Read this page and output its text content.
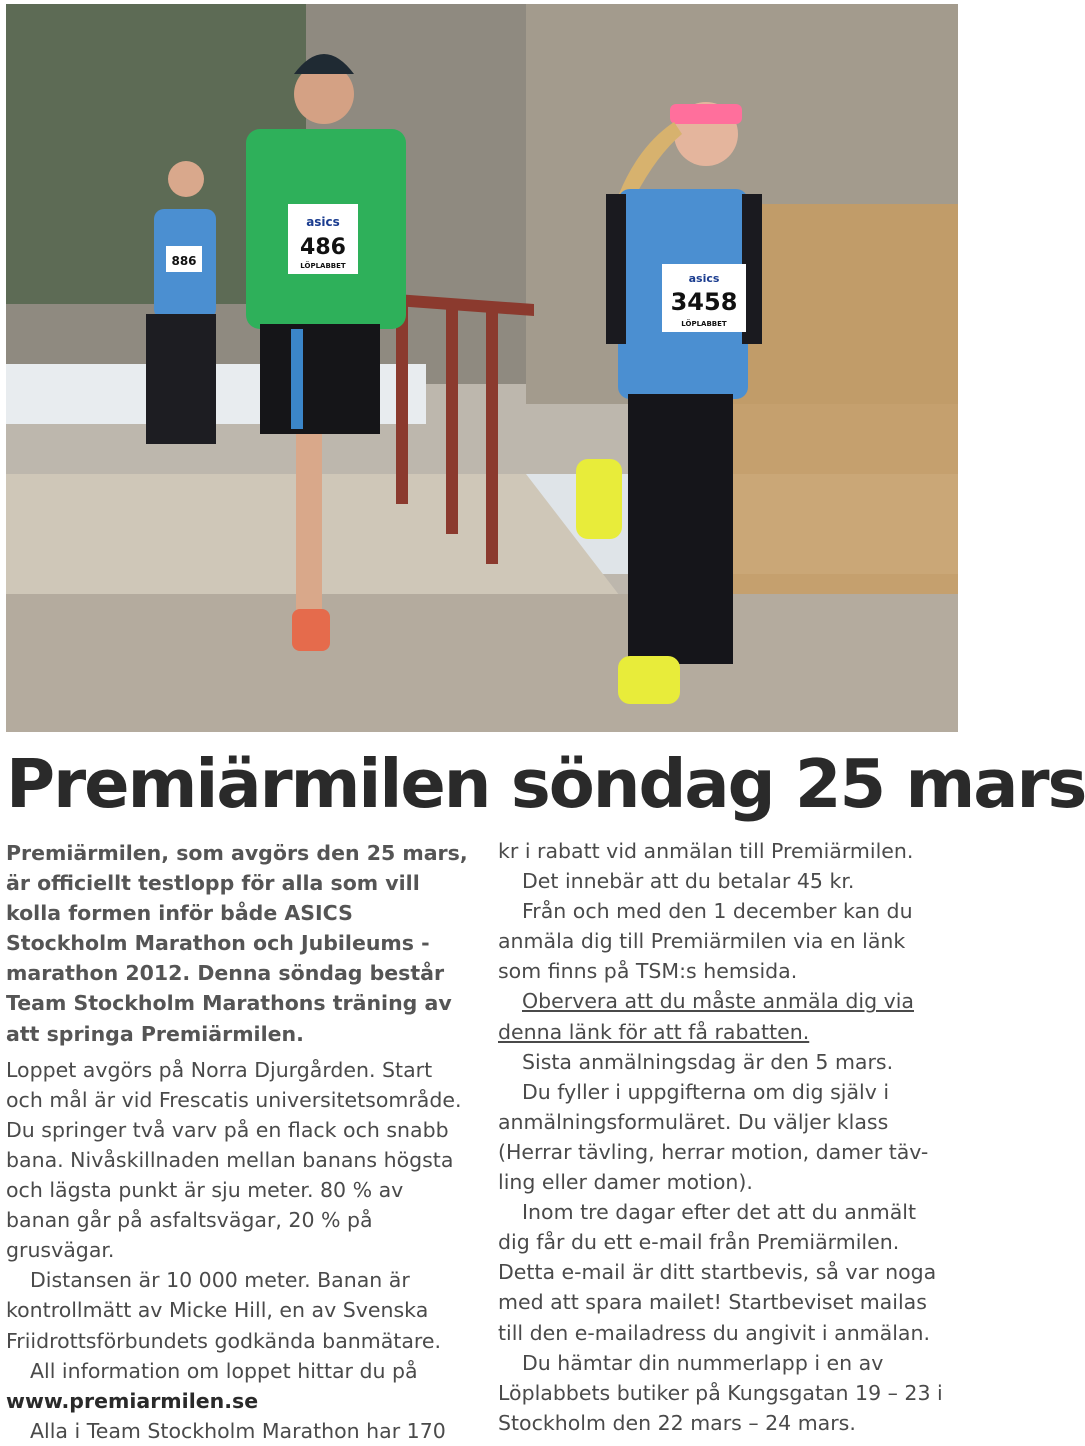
886
asics
486
LÖPLABBET
asics
3458
LÖPLABBET
Premiärmilen söndag 25 mars

Premiärmilen, som avgörs den 25 mars, är officiellt testlopp för alla som vill kolla formen inför både ASICS Stockholm Marathon och Jubileums - marathon 2012. Denna söndag består Team Stockholm Marathons träning av att springa Premiärmilen.

Loppet avgörs på Norra Djurgården. Start och mål är vid Frescatis universitetsområde. Du springer två varv på en flack och snabb bana. Nivåskillnaden mellan banans högsta och lägsta punkt är sju meter. 80 % av banan går på asfaltsvägar, 20 % på grusvägar.

Distansen är 10 000 meter. Banan är kontrollmätt av Micke Hill, en av Svenska Friidrottsförbundets godkända banmätare.

All information om loppet hittar du på

www.premiarmilen.se

Alla i Team Stockholm Marathon har 170

kr i rabatt vid anmälan till Premiärmilen.

Det innebär att du betalar 45 kr.

Från och med den 1 december kan du anmäla dig till Premiärmilen via en länk som finns på TSM:s hemsida.

Obervera att du måste anmäla dig via denna länk för att få rabatten.

Sista anmälningsdag är den 5 mars.

Du fyller i uppgifterna om dig själv i anmälningsformuläret. Du väljer klass (Herrar tävling, herrar motion, damer täv-ling eller damer motion).

Inom tre dagar efter det att du anmält dig får du ett e-mail från Premiärmilen. Detta e-mail är ditt startbevis, så var noga med att spara mailet! Startbeviset mailas till den e-mailadress du angivit i anmälan.

Du hämtar din nummerlapp i en av Löplabbets butiker på Kungsgatan 19 – 23 i Stockholm den 22 mars – 24 mars.
